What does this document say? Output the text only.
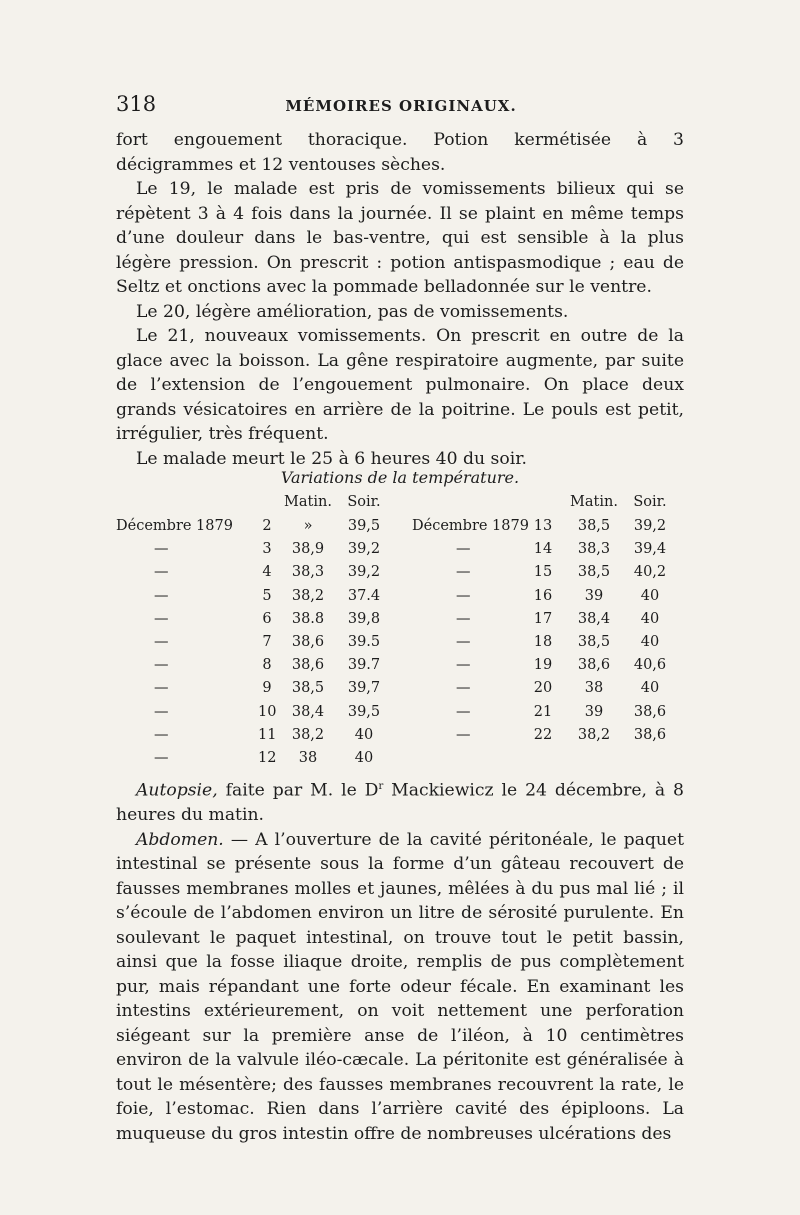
318	MÉMOIRES ORIGINAUX.

fort engouement thoracique. Potion kermétisée à 3 décigrammes et 12 ventouses sèches.

Le 19, le malade est pris de vomissements bilieux qui se répètent 3 à 4 fois dans la journée. Il se plaint en même temps d’une douleur dans le bas-ventre, qui est sensible à la plus légère pression. On prescrit : potion antispasmodique ; eau de Seltz et onctions avec la pommade belladonnée sur le ventre.

Le 20, légère amélioration, pas de vomissements.

Le 21, nouveaux vomissements. On prescrit en outre de la glace avec la boisson. La gêne respiratoire augmente, par suite de l’extension de l’engouement pulmonaire. On place deux grands vésicatoires en arrière de la poitrine. Le pouls est petit, irrégulier, très fréquent.

Le malade meurt le 25 à 6 heures 40 du soir.

Variations de la température.
Matin.	Soir.	Matin.	Soir.
Décembre 1879	2	»	39,5	Décembre 1879 13	38,5	39,2
—	3	38,9	39,2	—	14	38,3	39,4
—	4	38,3	39,2	—	15	38,5	40,2
—	5	38,2	37.4	—	16	39	40
—	6	38.8	39,8	—	17	38,4	40
—	7	38,6	39.5	—	18	38,5	40
—	8	38,6	39.7	—	19	38,6	40,6
—	9	38,5	39,7	—	20	38	40
—	10	38,4	39,5	—	21	39	38,6
—	11	38,2	40	—	22	38,2	38,6
—	12	38	40

Autopsie, faite par M. le $D^r$ Mackiewicz le 24 décembre, à 8 heures du matin.

Abdomen. — A l’ouverture de la cavité péritonéale, le paquet intestinal se présente sous la forme d’un gâteau recouvert de fausses membranes molles et jaunes, mêlées à du pus mal lié ; il s’écoule de l’abdomen environ un litre de sérosité purulente. En soulevant le paquet intestinal, on trouve tout le petit bassin, ainsi que la fosse iliaque droite, remplis de pus complètement pur, mais répandant une forte odeur fécale. En examinant les intestins extérieurement, on voit nettement une perforation siégeant sur la première anse de l’iléon, à 10 centimètres environ de la valvule iléo-cæcale. La péritonite est généralisée à tout le mésentère; des fausses membranes recouvrent la rate, le foie, l’estomac. Rien dans l’arrière cavité des épiploons. La muqueuse du gros intestin offre de nombreuses ulcérations des
